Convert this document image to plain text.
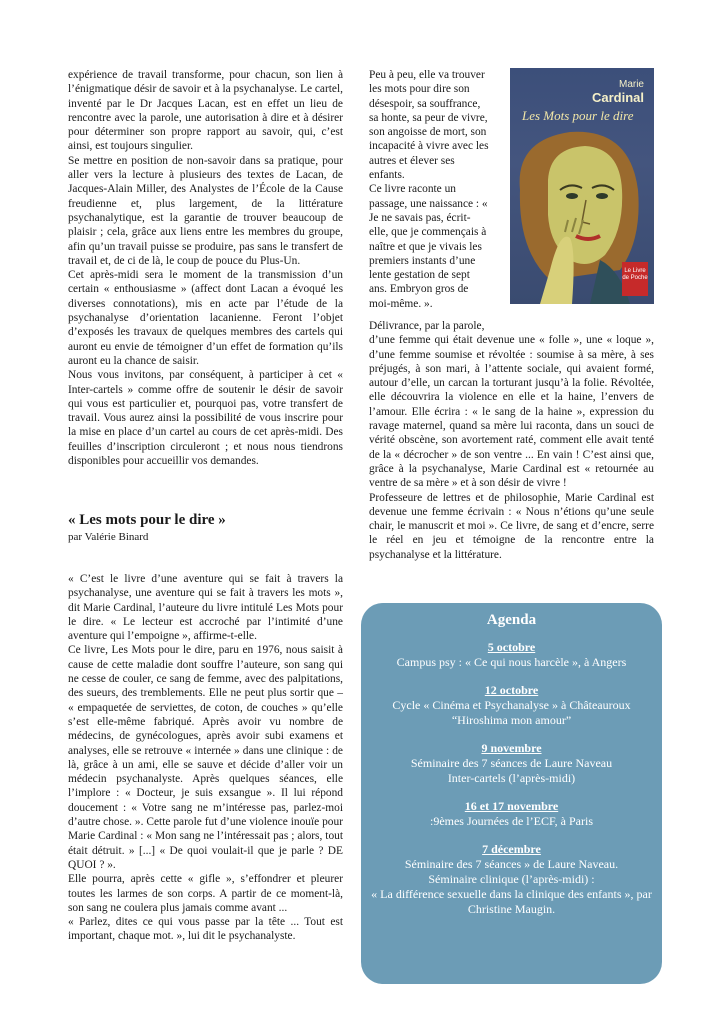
expérience de travail transforme, pour chacun, son lien à l’énigmatique désir de savoir et à la psychanalyse. Le cartel, inventé par le Dr Jacques Lacan, est en effet un lieu de rencontre avec la parole, une autorisation à dire et à désirer pour déterminer son propre rapport au savoir, qui, c’est ainsi, est toujours singulier.

Se mettre en position de non-savoir dans sa pratique, pour aller vers la lecture à plusieurs des textes de Lacan, de Jacques-Alain Miller, des Analystes de l’École de la Cause freudienne et, plus largement, de la littérature psychanalytique, est la garantie de trouver beaucoup de plaisir ; cela, grâce aux liens entre les membres du groupe, afin qu’un travail puisse se produire, pas sans le transfert de travail et, de ci de là, le coup de pouce du Plus-Un.

Cet après-midi sera le moment de la transmission d’un certain « enthousiasme » (affect dont Lacan a évoqué les diverses connotations), mis en acte par l’étude de la psychanalyse d’orientation lacanienne. Feront l’objet d’exposés les travaux de quelques membres des cartels qui auront eu envie de témoigner d’un effet de formation qu’ils auront eu la chance de saisir.

Nous vous invitons, par conséquent, à participer à cet « Inter-cartels » comme offre de soutenir le désir de savoir qui vous est particulier et, pourquoi pas, votre transfert de travail. Vous aurez ainsi la possibilité de vous inscrire pour la mise en place d’un cartel au cours de cet après-midi. Des feuilles d’inscription circuleront ; et nous nous tiendrons disponibles pour accueillir vos demandes.

« Les mots pour le dire »
par Valérie Binard

« C’est le livre d’une aventure qui se fait à travers la psychanalyse, une aventure qui se fait à travers les mots », dit Marie Cardinal, l’auteure du livre intitulé Les Mots pour le dire. « Le lecteur est accroché par l’intimité d’une aventure qui l’empoigne », affirme-t-elle.

Ce livre, Les Mots pour le dire, paru en 1976, nous saisit à cause de cette maladie dont souffre l’auteure, son sang qui ne cesse de couler, ce sang de femme, avec des palpitations, des sueurs, des tremblements. Elle ne peut plus sortir que – « empaquetée de serviettes, de coton, de couches » qu’elle s’est elle-même fabriqué. Après avoir vu nombre de médecins, de gynécologues, après avoir subi examens et analyses, elle se retrouve « internée » dans une clinique : de là, grâce à un ami, elle se sauve et décide d’aller voir un médecin psychanalyste. Après quelques séances, elle l’implore : « Docteur, je suis exsangue ». Il lui répond doucement : « Votre sang ne m’intéresse pas, parlez-moi d’autre chose. ». Cette parole fut d’une violence inouïe pour Marie Cardinal : « Mon sang ne l’intéressait pas ; alors, tout était détruit. » [...] « De quoi voulait-il que je parle ? DE QUOI ? ».

Elle pourra, après cette « gifle », s’effondrer et pleurer toutes les larmes de son corps. A partir de ce moment-là, son sang ne coulera plus jamais comme avant ...

« Parlez, dites ce qui vous passe par la tête ... Tout est important, chaque mot. », lui dit le psychanalyste.

Peu à peu, elle va trouver les mots pour dire son désespoir, sa souffrance, sa honte, sa peur de vivre, son angoisse de mort, son incapacité à vivre avec les autres et élever ses enfants.

Ce livre raconte un passage, une naissance : « Je ne savais pas, écrit-elle, que je commençais à naître et que je vivais les premiers instants d’une lente gestation de sept ans. Embryon gros de moi-même. ».

Marie
Cardinal
Les Mots pour le dire
Le Livre de Poche

Délivrance, par la parole,

d’une femme qui était devenue une « folle », une « loque », d’une femme soumise et révoltée : soumise à sa mère, à ses préjugés, à son mari, à l’attente sociale, qui avaient formé, autour d’elle, un carcan la torturant jusqu’à la folie. Révoltée, elle découvrira la violence en elle et la haine, l’envers de l’amour. Elle écrira : « le sang de la haine », expression du ravage maternel, quand sa mère lui raconta, dans un souci de vérité obscène, son avortement raté, comment elle avait tenté de la « décrocher » de son ventre ... En vain ! C’est ainsi que, grâce à la psychanalyse, Marie Cardinal est « retournée au ventre de sa mère » et à son désir de vivre !

Professeure de lettres et de philosophie, Marie Cardinal est devenue une femme écrivain : « Nous n’étions qu’une seule chair, le manuscrit et moi ». Ce livre, de sang et d’encre, serre le réel en jeu et témoigne de la rencontre entre la psychanalyse et la littérature.

Agenda
5 octobre
Campus psy : « Ce qui nous harcèle », à Angers
12 octobre
Cycle « Cinéma et Psychanalyse » à Châteauroux
“Hiroshima mon amour”
9 novembre
Séminaire des 7 séances de Laure Naveau
Inter-cartels (l’après-midi)
16 et 17 novembre
:9èmes Journées de l’ECF, à Paris
7 décembre
Séminaire des 7 séances » de Laure Naveau.
Séminaire clinique (l’après-midi) :
« La différence sexuelle dans la clinique des enfants », par Christine Maugin.
